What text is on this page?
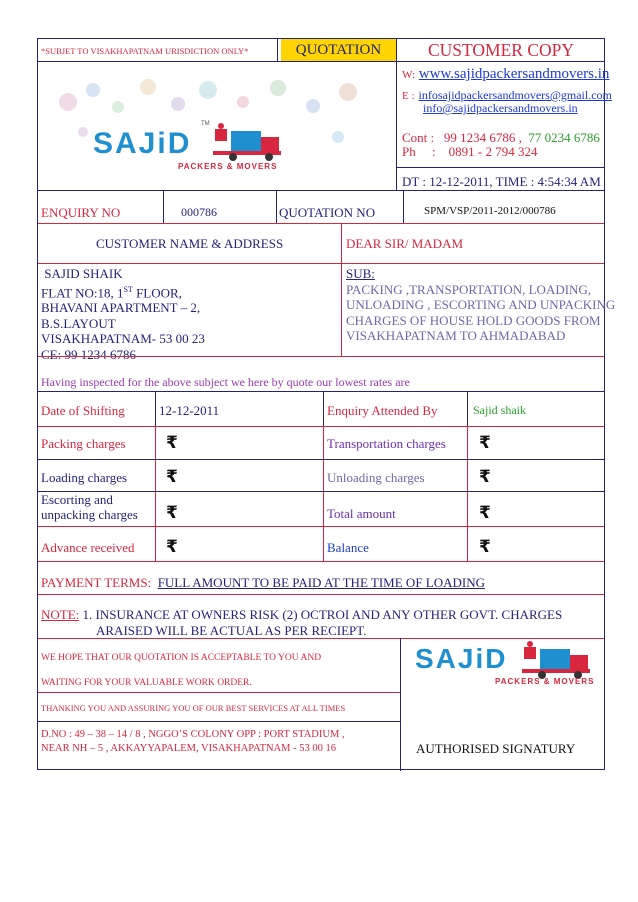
*SUBJET TO VISAKHAPATNAM URISDICTION ONLY*	QUOTATION	CUSTOMER COPY
SAJiD
TM
PACKERS & MOVERS
W: www.sajidpackersandmovers.in
E : infosajidpackersandmovers@gmail.com
info@sajidpackersandmovers.in
Cont : 99 1234 6786 , 77 0234 6786
Ph : 0891 - 2 794 324
DT : 12-12-2011, TIME : 4:54:34 AM
ENQUIRY NO	000786	QUOTATION NO	SPM/VSP/2011-2012/000786
CUSTOMER NAME & ADDRESS	DEAR SIR/ MADAM
SAJID SHAIK
FLAT NO:18, 1ST FLOOR,
BHAVANI APARTMENT – 2,
B.S.LAYOUT
VISAKHAPATNAM- 53 00 23
CE: 99 1234 6786
SUB:
PACKING ,TRANSPORTATION, LOADING,
UNLOADING , ESCORTING AND UNPACKING
CHARGES OF HOUSE HOLD GOODS FROM
VISAKHAPATNAM TO AHMADABAD
Having inspected for the above subject we here by quote our lowest rates are
Date of Shifting	12-12-2011	Enquiry Attended By	Sajid shaik
Packing charges ₹	Transportation charges ₹
Loading charges ₹	Unloading charges	₹
Escorting and
unpacking charges ₹	Total amount	₹
Advance received ₹	Balance	₹
PAYMENT TERMS: FULL AMOUNT TO BE PAID AT THE TIME OF LOADING
NOTE: 1. INSURANCE AT OWNERS RISK (2) OCTROI AND ANY OTHER GOVT. CHARGES
ARAISED WILL BE ACTUAL AS PER RECIEPT.
WE HOPE THAT OUR QUOTATION IS ACCEPTABLE TO YOU AND
WAITING FOR YOUR VALUABLE WORK ORDER.
THANKING YOU AND ASSURING YOU OF OUR BEST SERVICES AT ALL TIMES
D.NO : 49 – 38 – 14 / 8 , NGGO’S COLONY OPP : PORT STADIUM ,
NEAR NH – 5 , AKKAYYAPALEM, VISAKHAPATNAM - 53 00 16
SAJiD
PACKERS & MOVERS
AUTHORISED SIGNATURY
